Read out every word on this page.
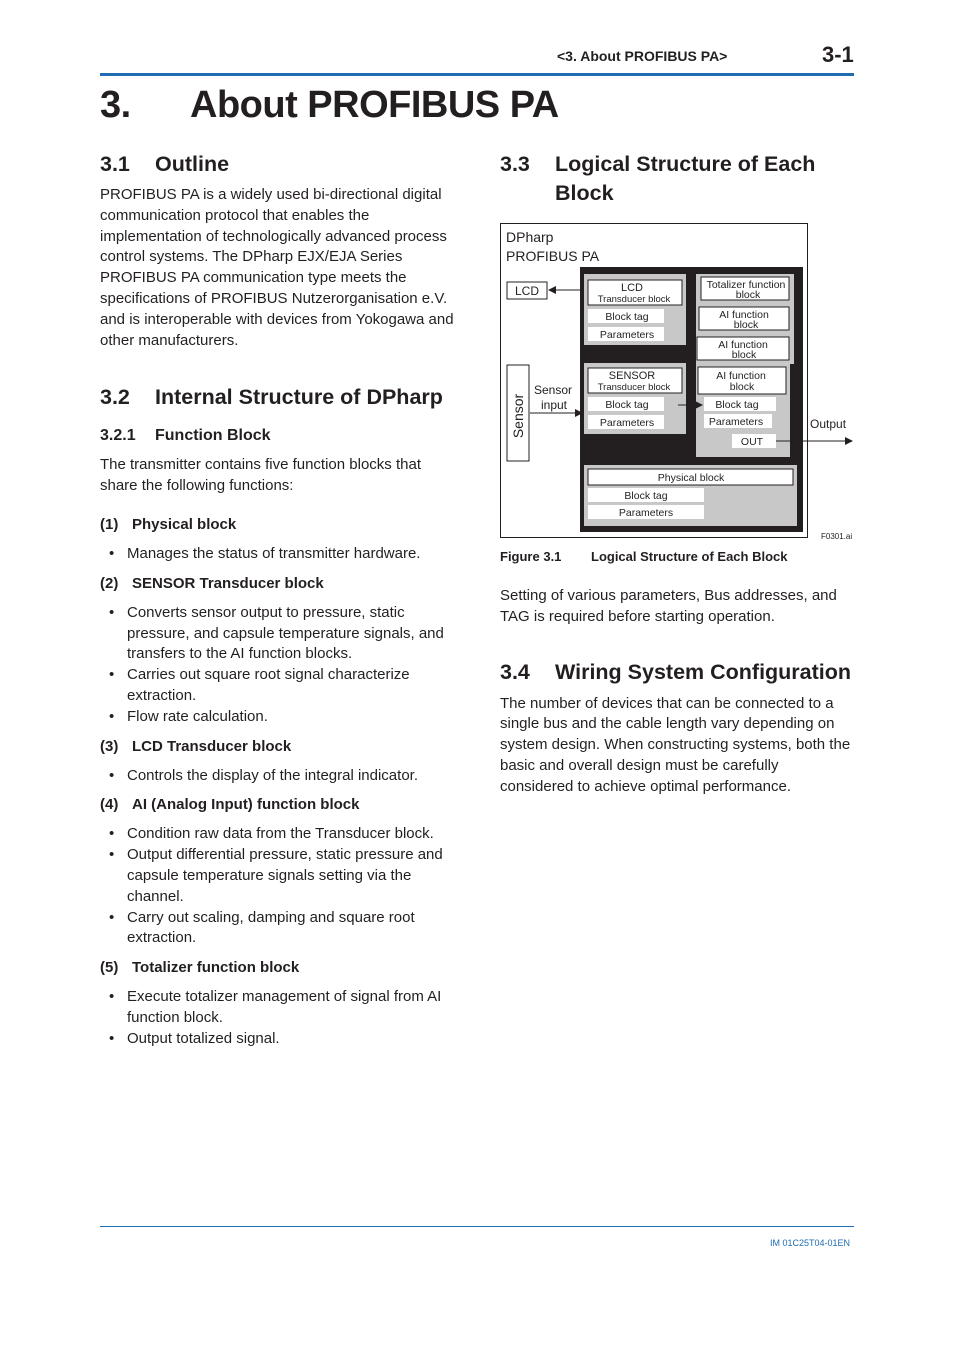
<3. About PROFIBUS PA>	3-1
3. About PROFIBUS PA
3.1	Outline

PROFIBUS PA is a widely used bi-directional digital communication protocol that enables the implementation of technologically advanced process control systems. The DPharp EJX/EJA Series PROFIBUS PA communication type meets the specifications of PROFIBUS Nutzerorganisation e.V. and is interoperable with devices from Yokogawa and other manufacturers.

3.2	Internal Structure of DPharp
3.2.1	Function Block

The transmitter contains five function blocks that share the following functions:

(1) Physical block
• Manages the status of transmitter hardware.
(2) SENSOR Transducer block
• Converts sensor output to pressure, static pressure, and capsule temperature signals, and transfers to the AI function blocks.
• Carries out square root signal characterize extraction.
• Flow rate calculation.
(3) LCD Transducer block
• Controls the display of the integral indicator.
(4) AI (Analog Input) function block
• Condition raw data from the Transducer block.
• Output differential pressure, static pressure and capsule temperature signals setting via the channel.
• Carry out scaling, damping and square root extraction.
(5) Totalizer function block
• Execute totalizer management of signal from AI function block.
• Output totalized signal.
3.3	Logical Structure of Each Block
DPharp
PROFIBUS PA
LCD
Transducer block
Block tag
Parameters
Totalizer function
block
AI function
block
AI function
block
SENSOR
Transducer block
Block tag
Parameters
AI function
block
Block tag
Parameters
OUT
Physical block
Block tag
Parameters
LCD
Sensor
Sensor
input
Output
F0301.ai
Figure 3.1	Logical Structure of Each Block

Setting of various parameters, Bus addresses, and TAG is required before starting operation.

3.4	Wiring System Configuration

The number of devices that can be connected to a single bus and the cable length vary depending on system design. When constructing systems, both the basic and overall design must be carefully considered to achieve optimal performance.

IM 01C25T04-01EN
